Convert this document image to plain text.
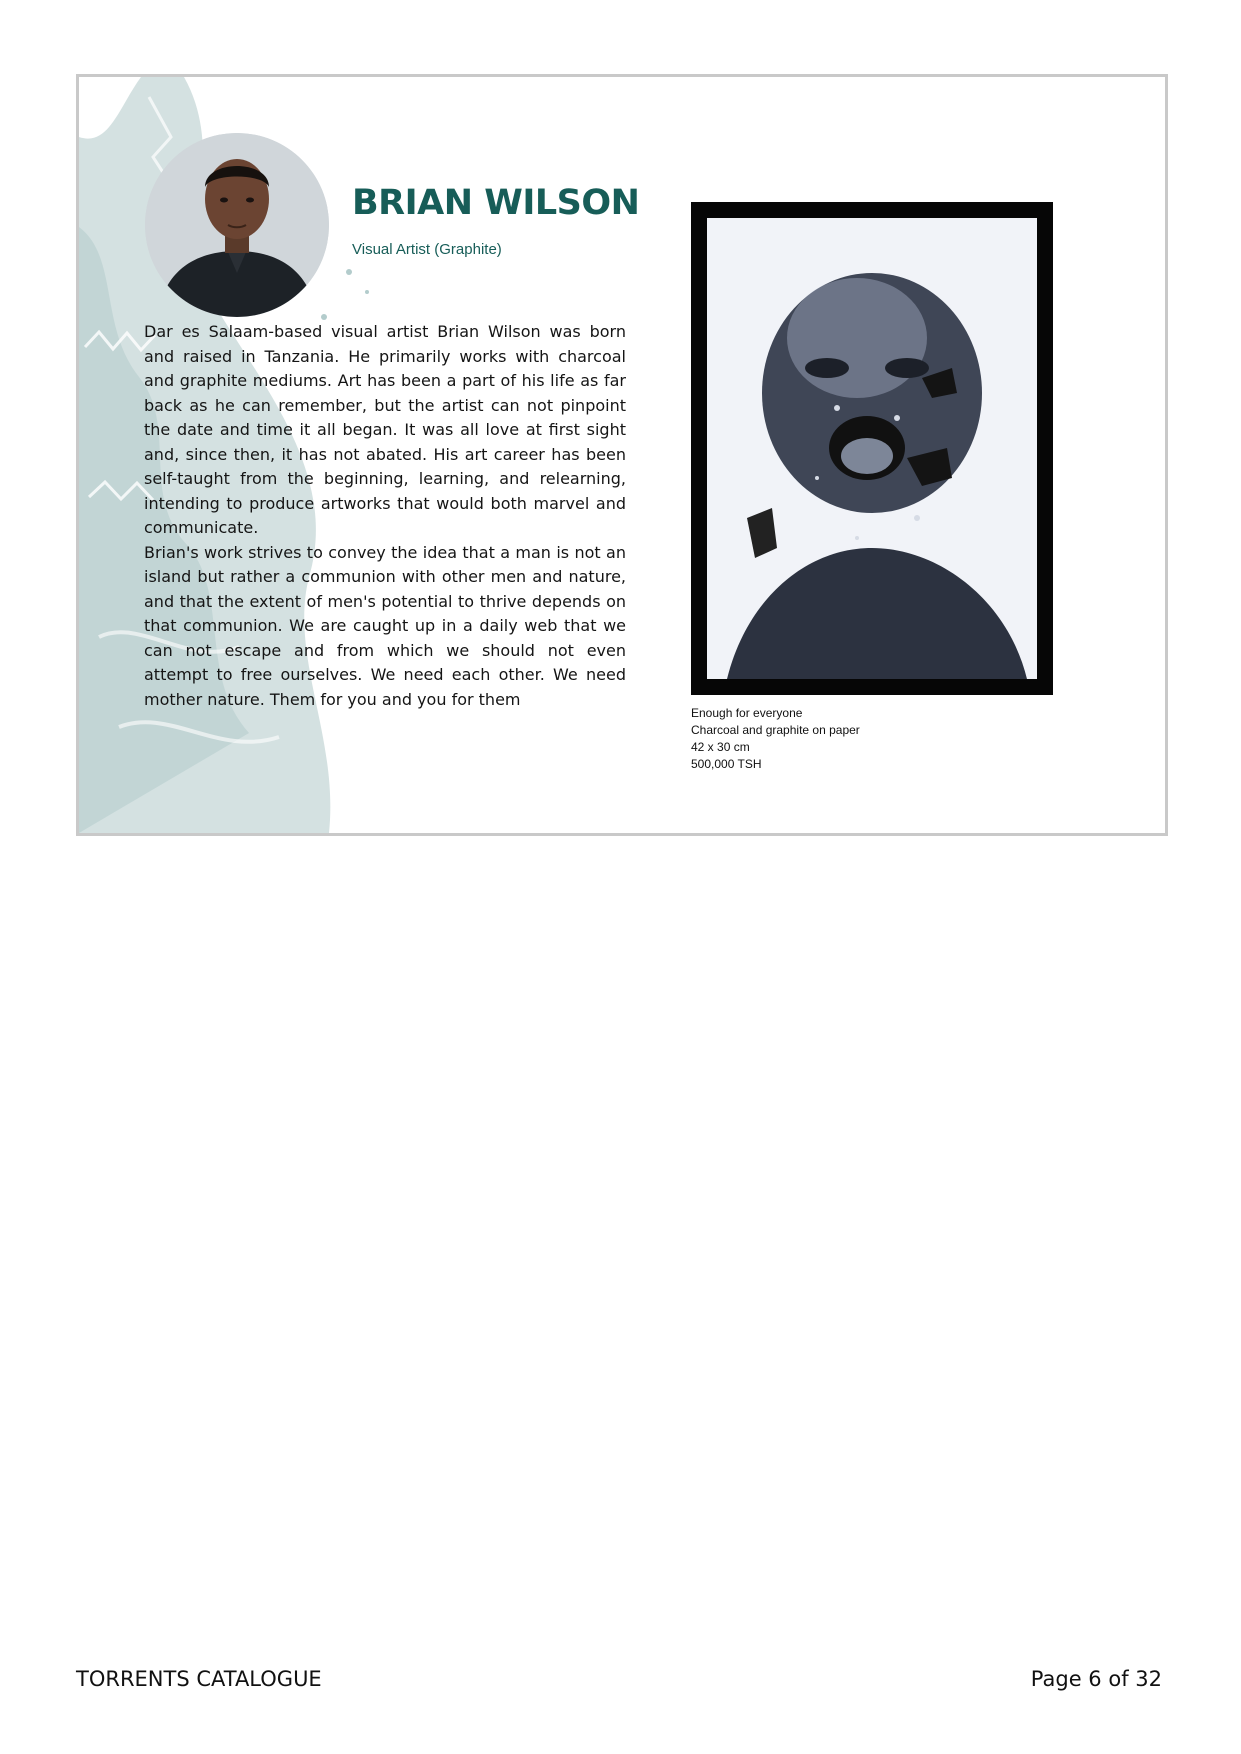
BRIAN WILSON

Visual Artist (Graphite)

Dar es Salaam-based visual artist Brian Wilson was born and raised in Tanzania. He primarily works with charcoal and graphite mediums. Art has been a part of his life as far back as he can remember, but the artist can not pinpoint the date and time it all began. It was all love at first sight and, since then, it has not abated. His art career has been self-taught from the beginning, learning, and relearning, intending to produce artworks that would both marvel and communicate.

Brian's work strives to convey the idea that a man is not an island but rather a communion with other men and nature, and that the extent of men's potential to thrive depends on that communion. We are caught up in a daily web that we can not escape and from which we should not even attempt to free ourselves. We need each other. We need mother nature. Them for you and you for them

Enough for everyone
Charcoal and graphite on paper
42 x 30 cm
500,000 TSH
TORRENTS CATALOGUE	Page 6 of 32
